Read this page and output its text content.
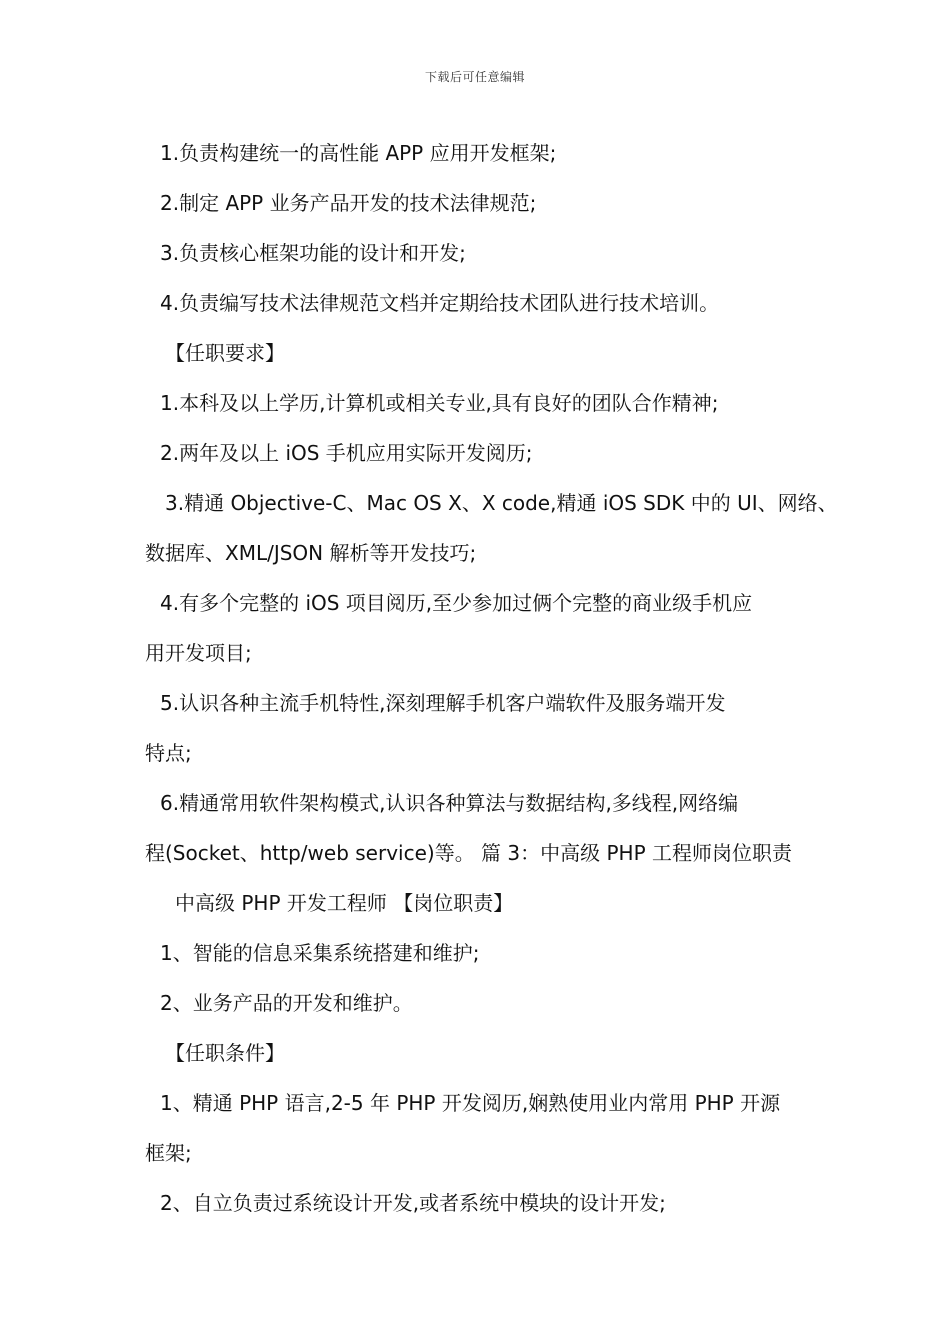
下载后可任意编辑
1.负责构建统一的高性能 APP 应用开发框架;
2.制定 APP 业务产品开发的技术法律规范;
3.负责核心框架功能的设计和开发;
4.负责编写技术法律规范文档并定期给技术团队进行技术培训。
【任职要求】
1.本科及以上学历,计算机或相关专业,具有良好的团队合作精神;
2.两年及以上 iOS 手机应用实际开发阅历;
3.精通 Objective-C、Mac OS X、X code,精通 iOS SDK 中的 UI、网络、
数据库、XML/JSON 解析等开发技巧;
4.有多个完整的 iOS 项目阅历,至少参加过俩个完整的商业级手机应
用开发项目;
5.认识各种主流手机特性,深刻理解手机客户端软件及服务端开发
特点;
6.精通常用软件架构模式,认识各种算法与数据结构,多线程,网络编
程(Socket、http/web service)等。 篇 3：中高级 PHP 工程师岗位职责
中高级 PHP 开发工程师 【岗位职责】
1、智能的信息采集系统搭建和维护;
2、业务产品的开发和维护。
【任职条件】
1、精通 PHP 语言,2-5 年 PHP 开发阅历,娴熟使用业内常用 PHP 开源
框架;
2、自立负责过系统设计开发,或者系统中模块的设计开发;
